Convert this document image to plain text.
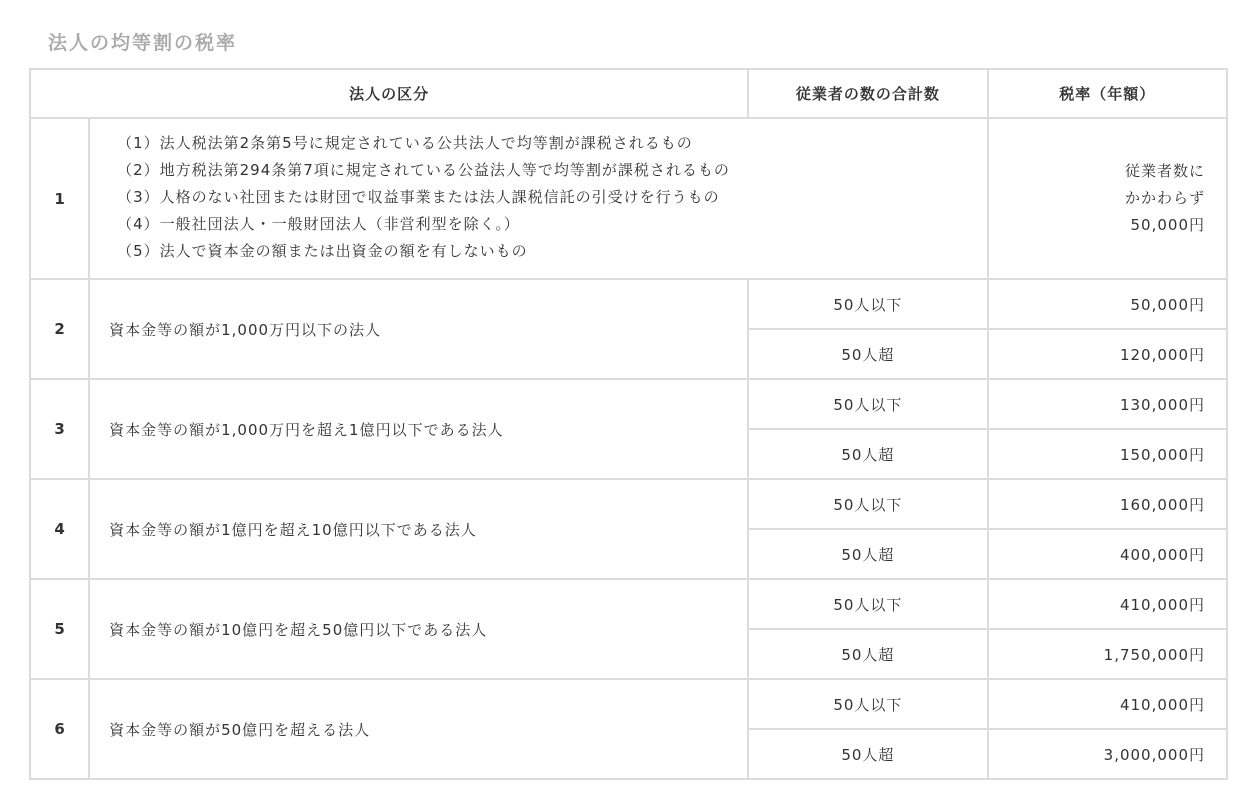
法人の均等割の税率
法人の区分		従業者の数の合計数	税率（年額）
1	（1）法人税法第2条第5号に規定されている公共法人で均等割が課税されるもの
（2）地方税法第294条第7項に規定されている公益法人等で均等割が課税されるもの
（3）人格のない社団または財団で収益事業または法人課税信託の引受けを行うもの
（4）一般社団法人・一般財団法人（非営利型を除く。）
（5）法人で資本金の額または出資金の額を有しないもの		従業者数に
かかわらず
50,000円

2	資本金等の額が1,000万円以下の法人	50人以下	50,000円
		50人超	120,000円
3	資本金等の額が1,000万円を超え1億円以下である法人	50人以下	130,000円
		50人超	150,000円
4	資本金等の額が1億円を超え10億円以下である法人	50人以下	160,000円
		50人超	400,000円
5	資本金等の額が10億円を超え50億円以下である法人	50人以下	410,000円
		50人超	1,750,000円
6	資本金等の額が50億円を超える法人	50人以下	410,000円
		50人超	3,000,000円
